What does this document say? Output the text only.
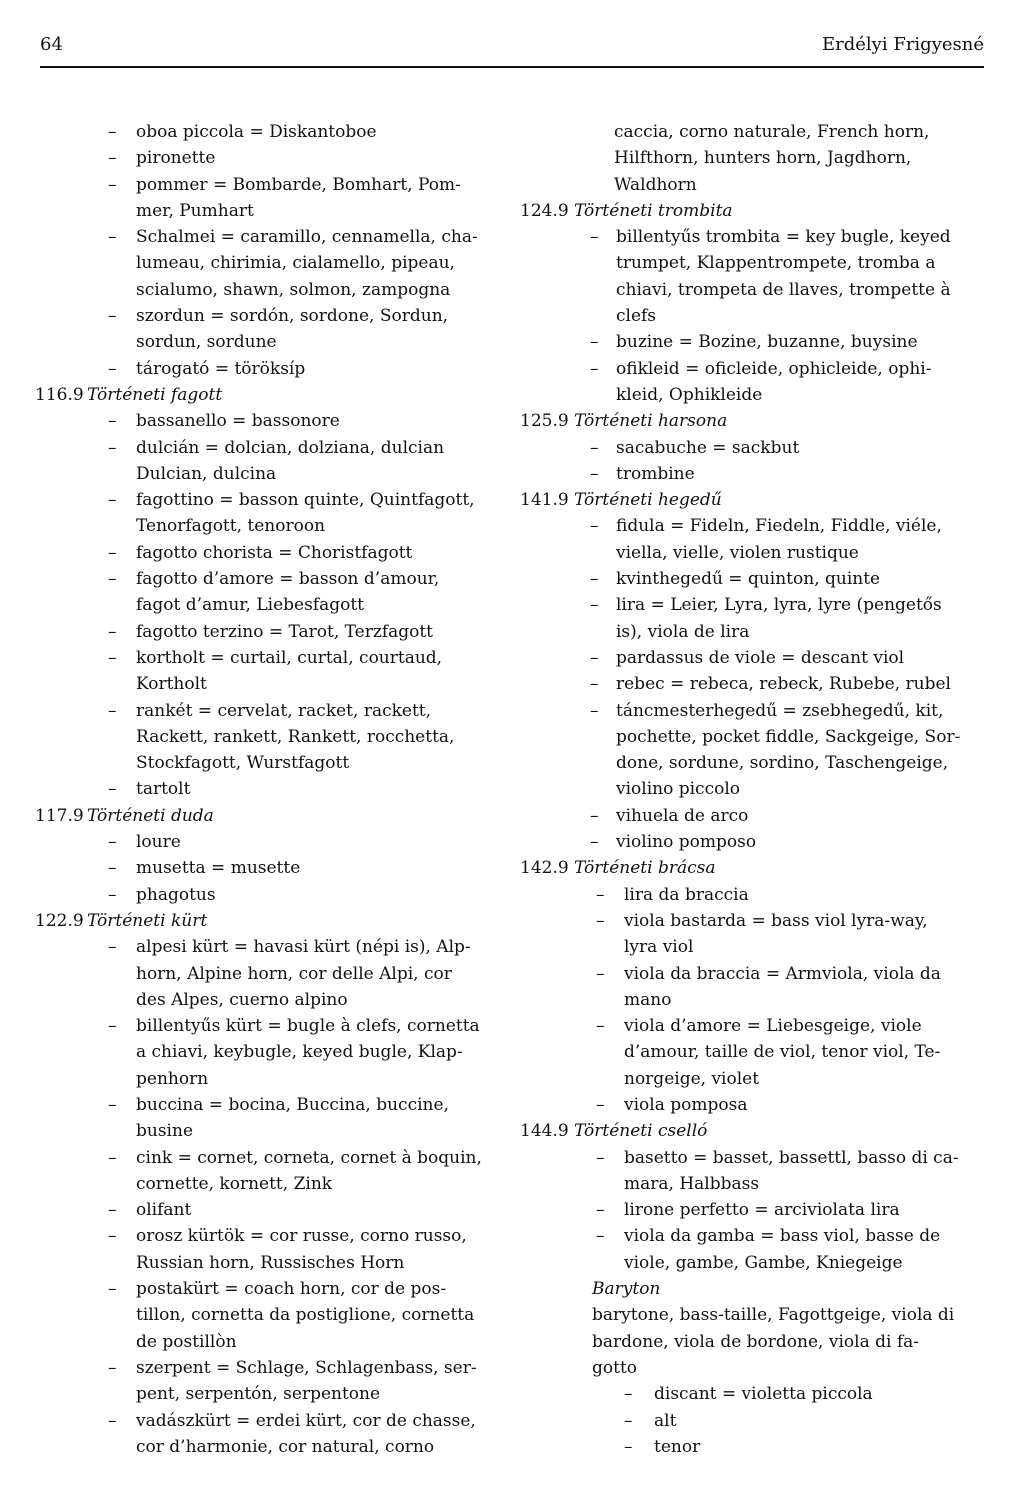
64	Erdélyi Frigyesné
– oboa piccola = Diskantoboe
– pironette
– pommer = Bombarde, Bomhart, Pom-
mer, Pumhart
– Schalmei = caramillo, cennamella, cha-
lumeau, chirimia, cialamello, pipeau,
scialumo, shawn, solmon, zampogna
– szordun = sordón, sordone, Sordun,
sordun, sordune
– tárogató = töröksíp
116.9 Történeti fagott
– bassanello = bassonore
– dulcián = dolcian, dolziana, dulcian
Dulcian, dulcina
– fagottino = basson quinte, Quintfagott,
Tenorfagott, tenoroon
– fagotto chorista = Choristfagott
– fagotto d’amore = basson d’amour,
fagot d’amur, Liebesfagott
– fagotto terzino = Tarot, Terzfagott
– kortholt = curtail, curtal, courtaud,
Kortholt
– rankét = cervelat, racket, rackett,
Rackett, rankett, Rankett, rocchetta,
Stockfagott, Wurstfagott
– tartolt
117.9 Történeti duda
– loure
– musetta = musette
– phagotus
122.9 Történeti kürt
– alpesi kürt = havasi kürt (népi is), Alp-
horn, Alpine horn, cor delle Alpi, cor
des Alpes, cuerno alpino
– billentyűs kürt = bugle à clefs, cornetta
a chiavi, keybugle, keyed bugle, Klap-
penhorn
– buccina = bocina, Buccina, buccine,
busine
– cink = cornet, corneta, cornet à boquin,
cornette, kornett, Zink
– olifant
– orosz kürtök = cor russe, corno russo,
Russian horn, Russisches Horn
– postakürt = coach horn, cor de pos-
tillon, cornetta da postiglione, cornetta
de postillòn
– szerpent = Schlage, Schlagenbass, ser-
pent, serpentón, serpentone
– vadászkürt = erdei kürt, cor de chasse,
cor d’harmonie, cor natural, corno
caccia, corno naturale, French horn,
Hilfthorn, hunters horn, Jagdhorn,
Waldhorn
124.9 Történeti trombita
– billentyűs trombita = key bugle, keyed
trumpet, Klappentrompete, tromba a
chiavi, trompeta de llaves, trompette à
clefs
– buzine = Bozine, buzanne, buysine
– ofikleid = oficleide, ophicleide, ophi-
kleid, Ophikleide
125.9 Történeti harsona
– sacabuche = sackbut
– trombine
141.9 Történeti hegedű
– fidula = Fideln, Fiedeln, Fiddle, viéle,
viella, vielle, violen rustique
– kvinthegedű = quinton, quinte
– lira = Leier, Lyra, lyra, lyre (pengetős
is), viola de lira
– pardassus de viole = descant viol
– rebec = rebeca, rebeck, Rubebe, rubel
– táncmesterhegedű = zsebhegedű, kit,
pochette, pocket fiddle, Sackgeige, Sor-
done, sordune, sordino, Taschengeige,
violino piccolo
– vihuela de arco
– violino pomposo
142.9 Történeti brácsa
– lira da braccia
– viola bastarda = bass viol lyra-way,
lyra viol
– viola da braccia = Armviola, viola da
mano
– viola d’amore = Liebesgeige, viole
d’amour, taille de viol, tenor viol, Te-
norgeige, violet
– viola pomposa
144.9 Történeti cselló
– basetto = basset, bassettl, basso di ca-
mara, Halbbass
– lirone perfetto = arciviolata lira
– viola da gamba = bass viol, basse de
viole, gambe, Gambe, Kniegeige
Baryton
barytone, bass-taille, Fagottgeige, viola di
bardone, viola de bordone, viola di fa-
gotto
– discant = violetta piccola
– alt
– tenor
